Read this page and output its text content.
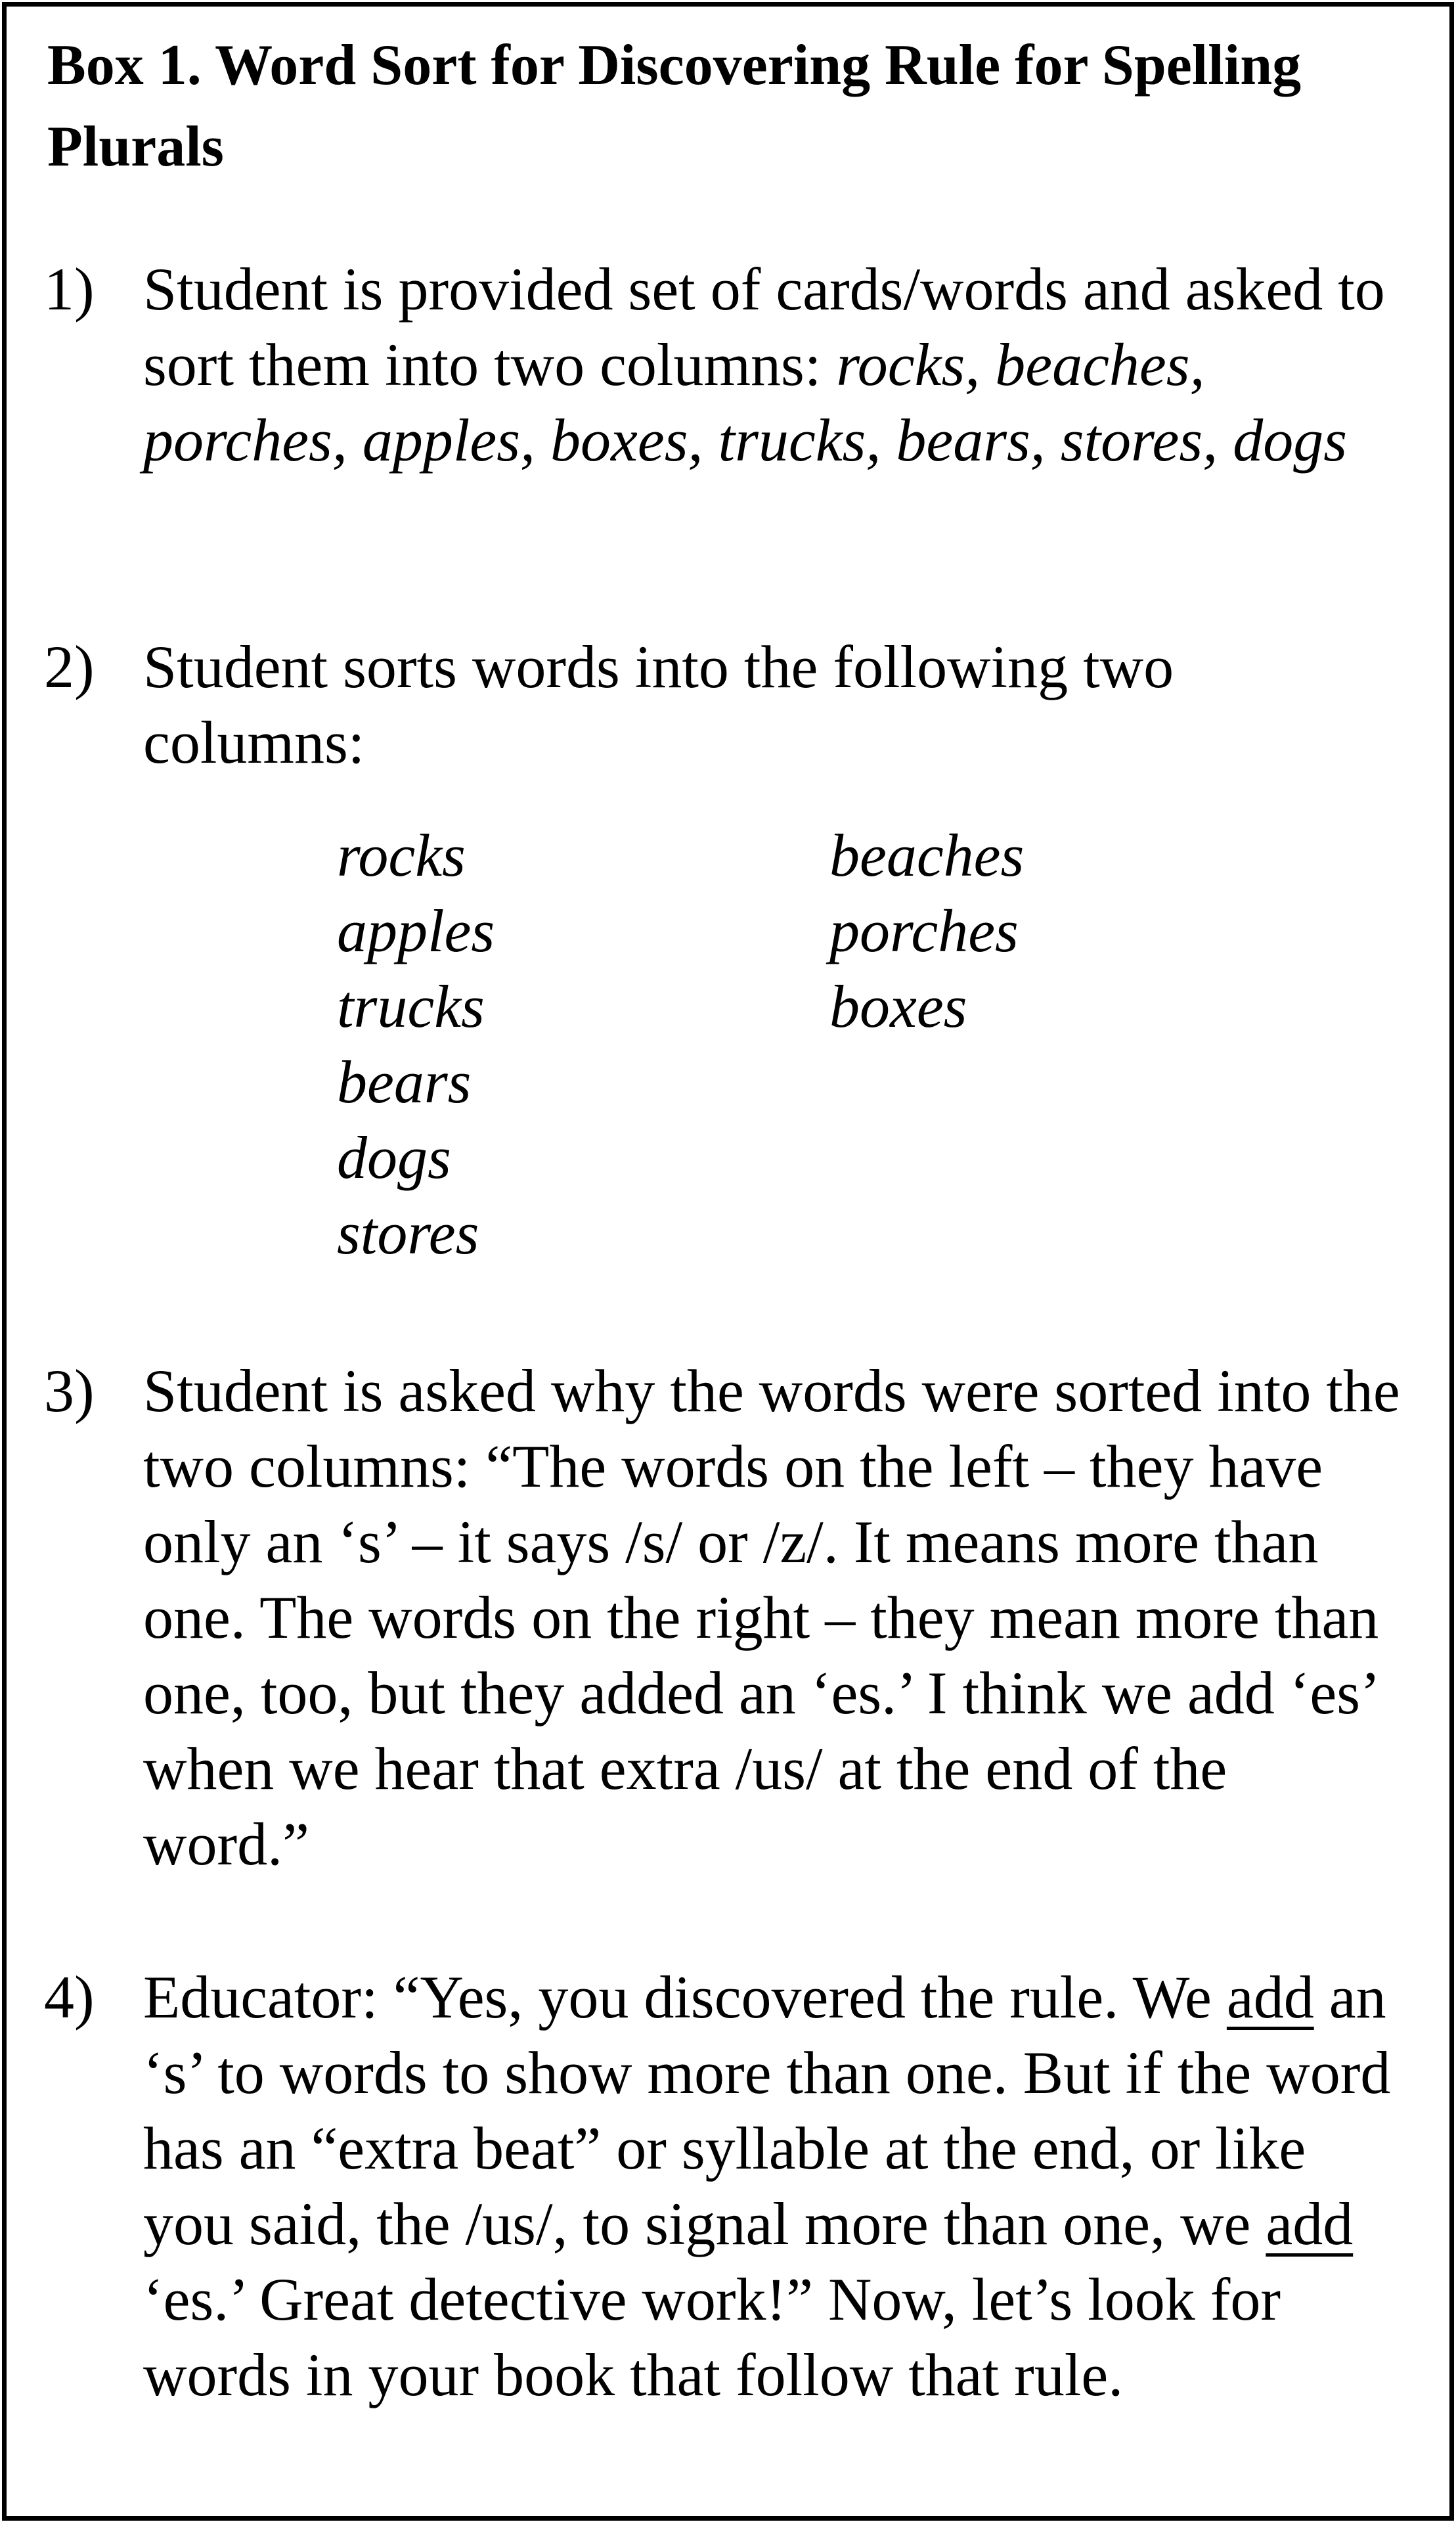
Box 1. Word Sort for Discovering Rule for Spelling Plurals
1) Student is provided set of cards/words and asked to sort them into two columns: rocks, beaches, porches, apples, boxes, trucks, bears, stores, dogs
2) Student sorts words into the following two columns:
rocks
apples
trucks
bears
dogs
stores
beaches
porches
boxes
3) Student is asked why the words were sorted into the two columns: “The words on the left – they have only an ‘s’ – it says /s/ or /z/. It means more than one. The words on the right – they mean more than one, too, but they added an ‘es.’ I think we add ‘es’ when we hear that extra /us/ at the end of the word.”
4) Educator: “Yes, you discovered the rule. We add an ‘s’ to words to show more than one. But if the word has an “extra beat” or syllable at the end, or like you said, the /us/, to signal more than one, we add ‘es.’ Great detective work!” Now, let’s look for words in your book that follow that rule.
